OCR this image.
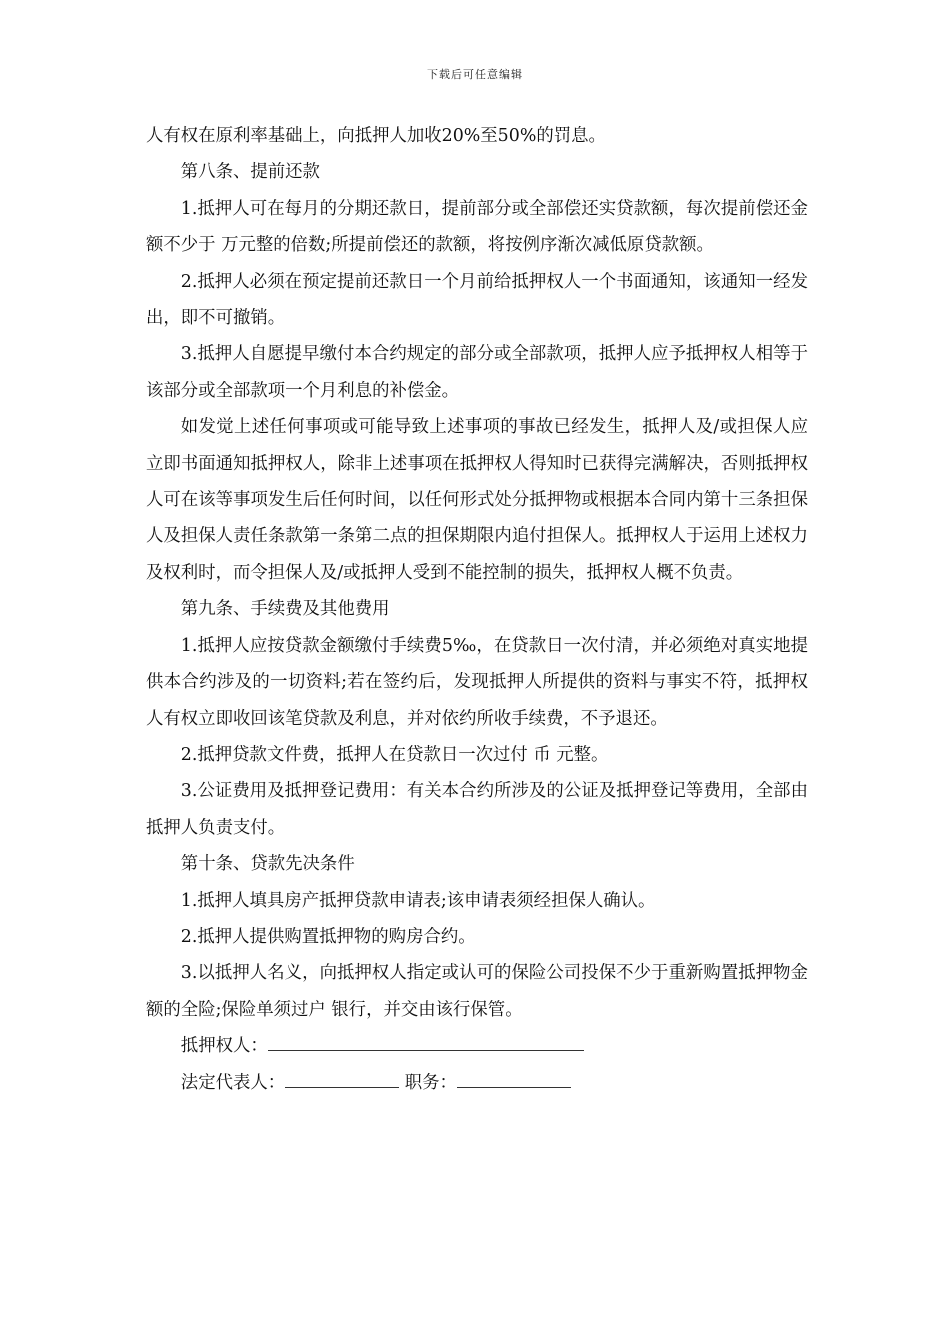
下载后可任意编辑

人有权在原利率基础上，向抵押人加收20%至50%的罚息。

第八条、提前还款

1.抵押人可在每月的分期还款日，提前部分或全部偿还实贷款额，每次提前偿还金额不少于 万元整的倍数;所提前偿还的款额，将按例序渐次减低原贷款额。

2.抵押人必须在预定提前还款日一个月前给抵押权人一个书面通知，该通知一经发出，即不可撤销。

3.抵押人自愿提早缴付本合约规定的部分或全部款项，抵押人应予抵押权人相等于该部分或全部款项一个月利息的补偿金。

如发觉上述任何事项或可能导致上述事项的事故已经发生，抵押人及/或担保人应立即书面通知抵押权人，除非上述事项在抵押权人得知时已获得完满解决，否则抵押权人可在该等事项发生后任何时间，以任何形式处分抵押物或根据本合同内第十三条担保人及担保人责任条款第一条第二点的担保期限内追付担保人。抵押权人于运用上述权力及权利时，而令担保人及/或抵押人受到不能控制的损失，抵押权人概不负责。

第九条、手续费及其他费用

1.抵押人应按贷款金额缴付手续费5‰，在贷款日一次付清，并必须绝对真实地提供本合约涉及的一切资料;若在签约后，发现抵押人所提供的资料与事实不符，抵押权人有权立即收回该笔贷款及利息，并对依约所收手续费，不予退还。

2.抵押贷款文件费，抵押人在贷款日一次过付 币 元整。

3.公证费用及抵押登记费用：有关本合约所涉及的公证及抵押登记等费用，全部由抵押人负责支付。

第十条、贷款先决条件

1.抵押人填具房产抵押贷款申请表;该申请表须经担保人确认。

2.抵押人提供购置抵押物的购房合约。

3.以抵押人名义，向抵押权人指定或认可的保险公司投保不少于重新购置抵押物金额的全险;保险单须过户 银行，并交由该行保管。

抵押权人：

法定代表人：	职务：
